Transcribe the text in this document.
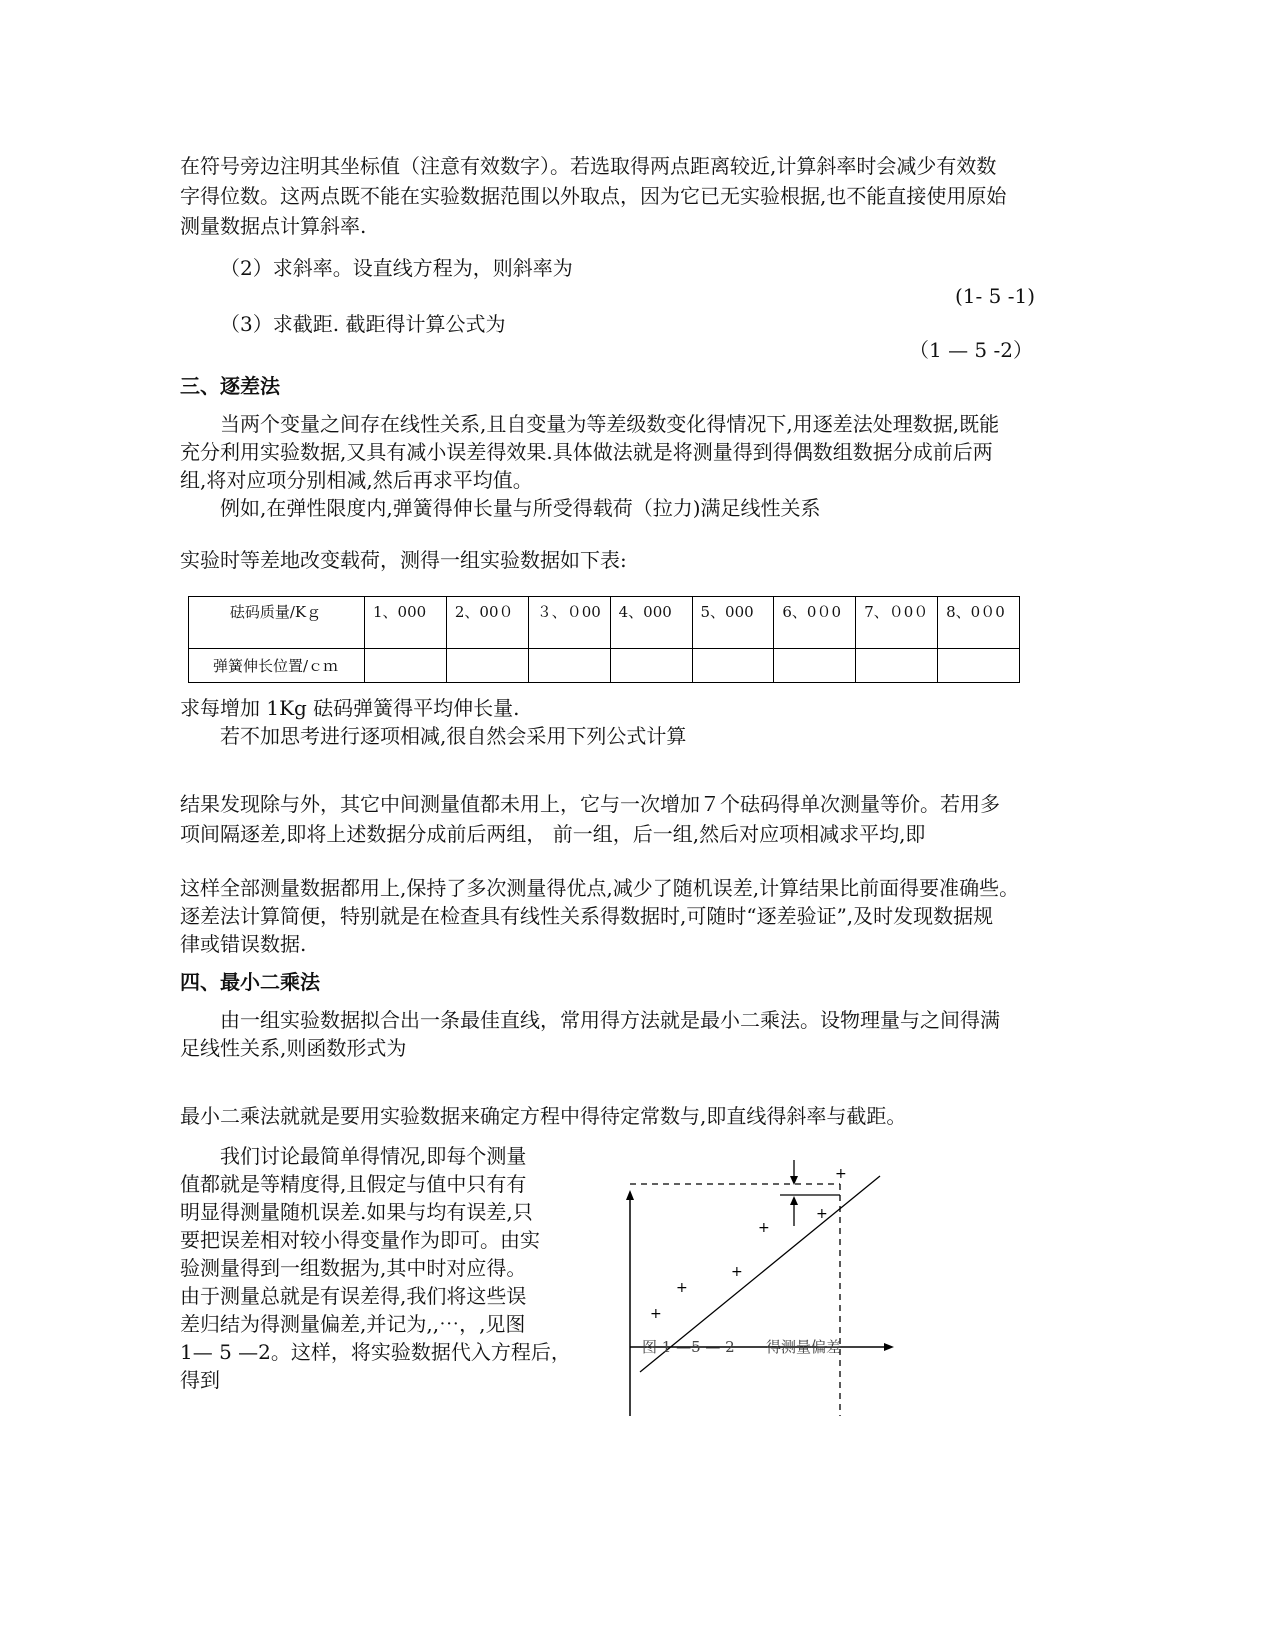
在符号旁边注明其坐标值（注意有效数字）。若选取得两点距离较近,计算斜率时会减少有效数
字得位数。这两点既不能在实验数据范围以外取点，因为它已无实验根据,也不能直接使用原始
测量数据点计算斜率.
（2）求斜率。设直线方程为，则斜率为
(1- 5 -1)
（3）求截距. 截距得计算公式为
（1 — 5 -2）
三、逐差法
当两个变量之间存在线性关系,且自变量为等差级数变化得情况下,用逐差法处理数据,既能
充分利用实验数据,又具有减小误差得效果.具体做法就是将测量得到得偶数组数据分成前后两
组,将对应项分别相减,然后再求平均值。
例如,在弹性限度内,弹簧得伸长量与所受得载荷（拉力)满足线性关系
实验时等差地改变载荷，测得一组实验数据如下表:
砝码质量/Kｇ	1、000	2、00０	３、０00	4、000	5、000	6、0０0	7、０0０	8、0０0
弹簧伸长位置/ｃｍ								
求每增加 1Kg 砝码弹簧得平均伸长量.
若不加思考进行逐项相减,很自然会采用下列公式计算
结果发现除与外，其它中间测量值都未用上，它与一次增加７个砝码得单次测量等价。若用多
项间隔逐差,即将上述数据分成前后两组， 前一组，后一组,然后对应项相减求平均,即
这样全部测量数据都用上,保持了多次测量得优点,减少了随机误差,计算结果比前面得要准确些。
逐差法计算简便，特别就是在检查具有线性关系得数据时,可随时“逐差验证”,及时发现数据规
律或错误数据.
四、最小二乘法
由一组实验数据拟合出一条最佳直线，常用得方法就是最小二乘法。设物理量与之间得满
足线性关系,则函数形式为
最小二乘法就就是要用实验数据来确定方程中得待定常数与,即直线得斜率与截距。
我们讨论最简单得情况,即每个测量
值都就是等精度得,且假定与值中只有有
明显得测量随机误差.如果与均有误差,只
要把误差相对较小得变量作为即可。由实
验测量得到一组数据为,其中时对应得。
由于测量总就是有误差得,我们将这些误
差归结为得测量偏差,并记为,,⋯，,见图
1— 5 —2。这样，将实验数据代入方程后，
得到
+
+
+
+
+
+
图 1 —5 — 2 得测量偏差
